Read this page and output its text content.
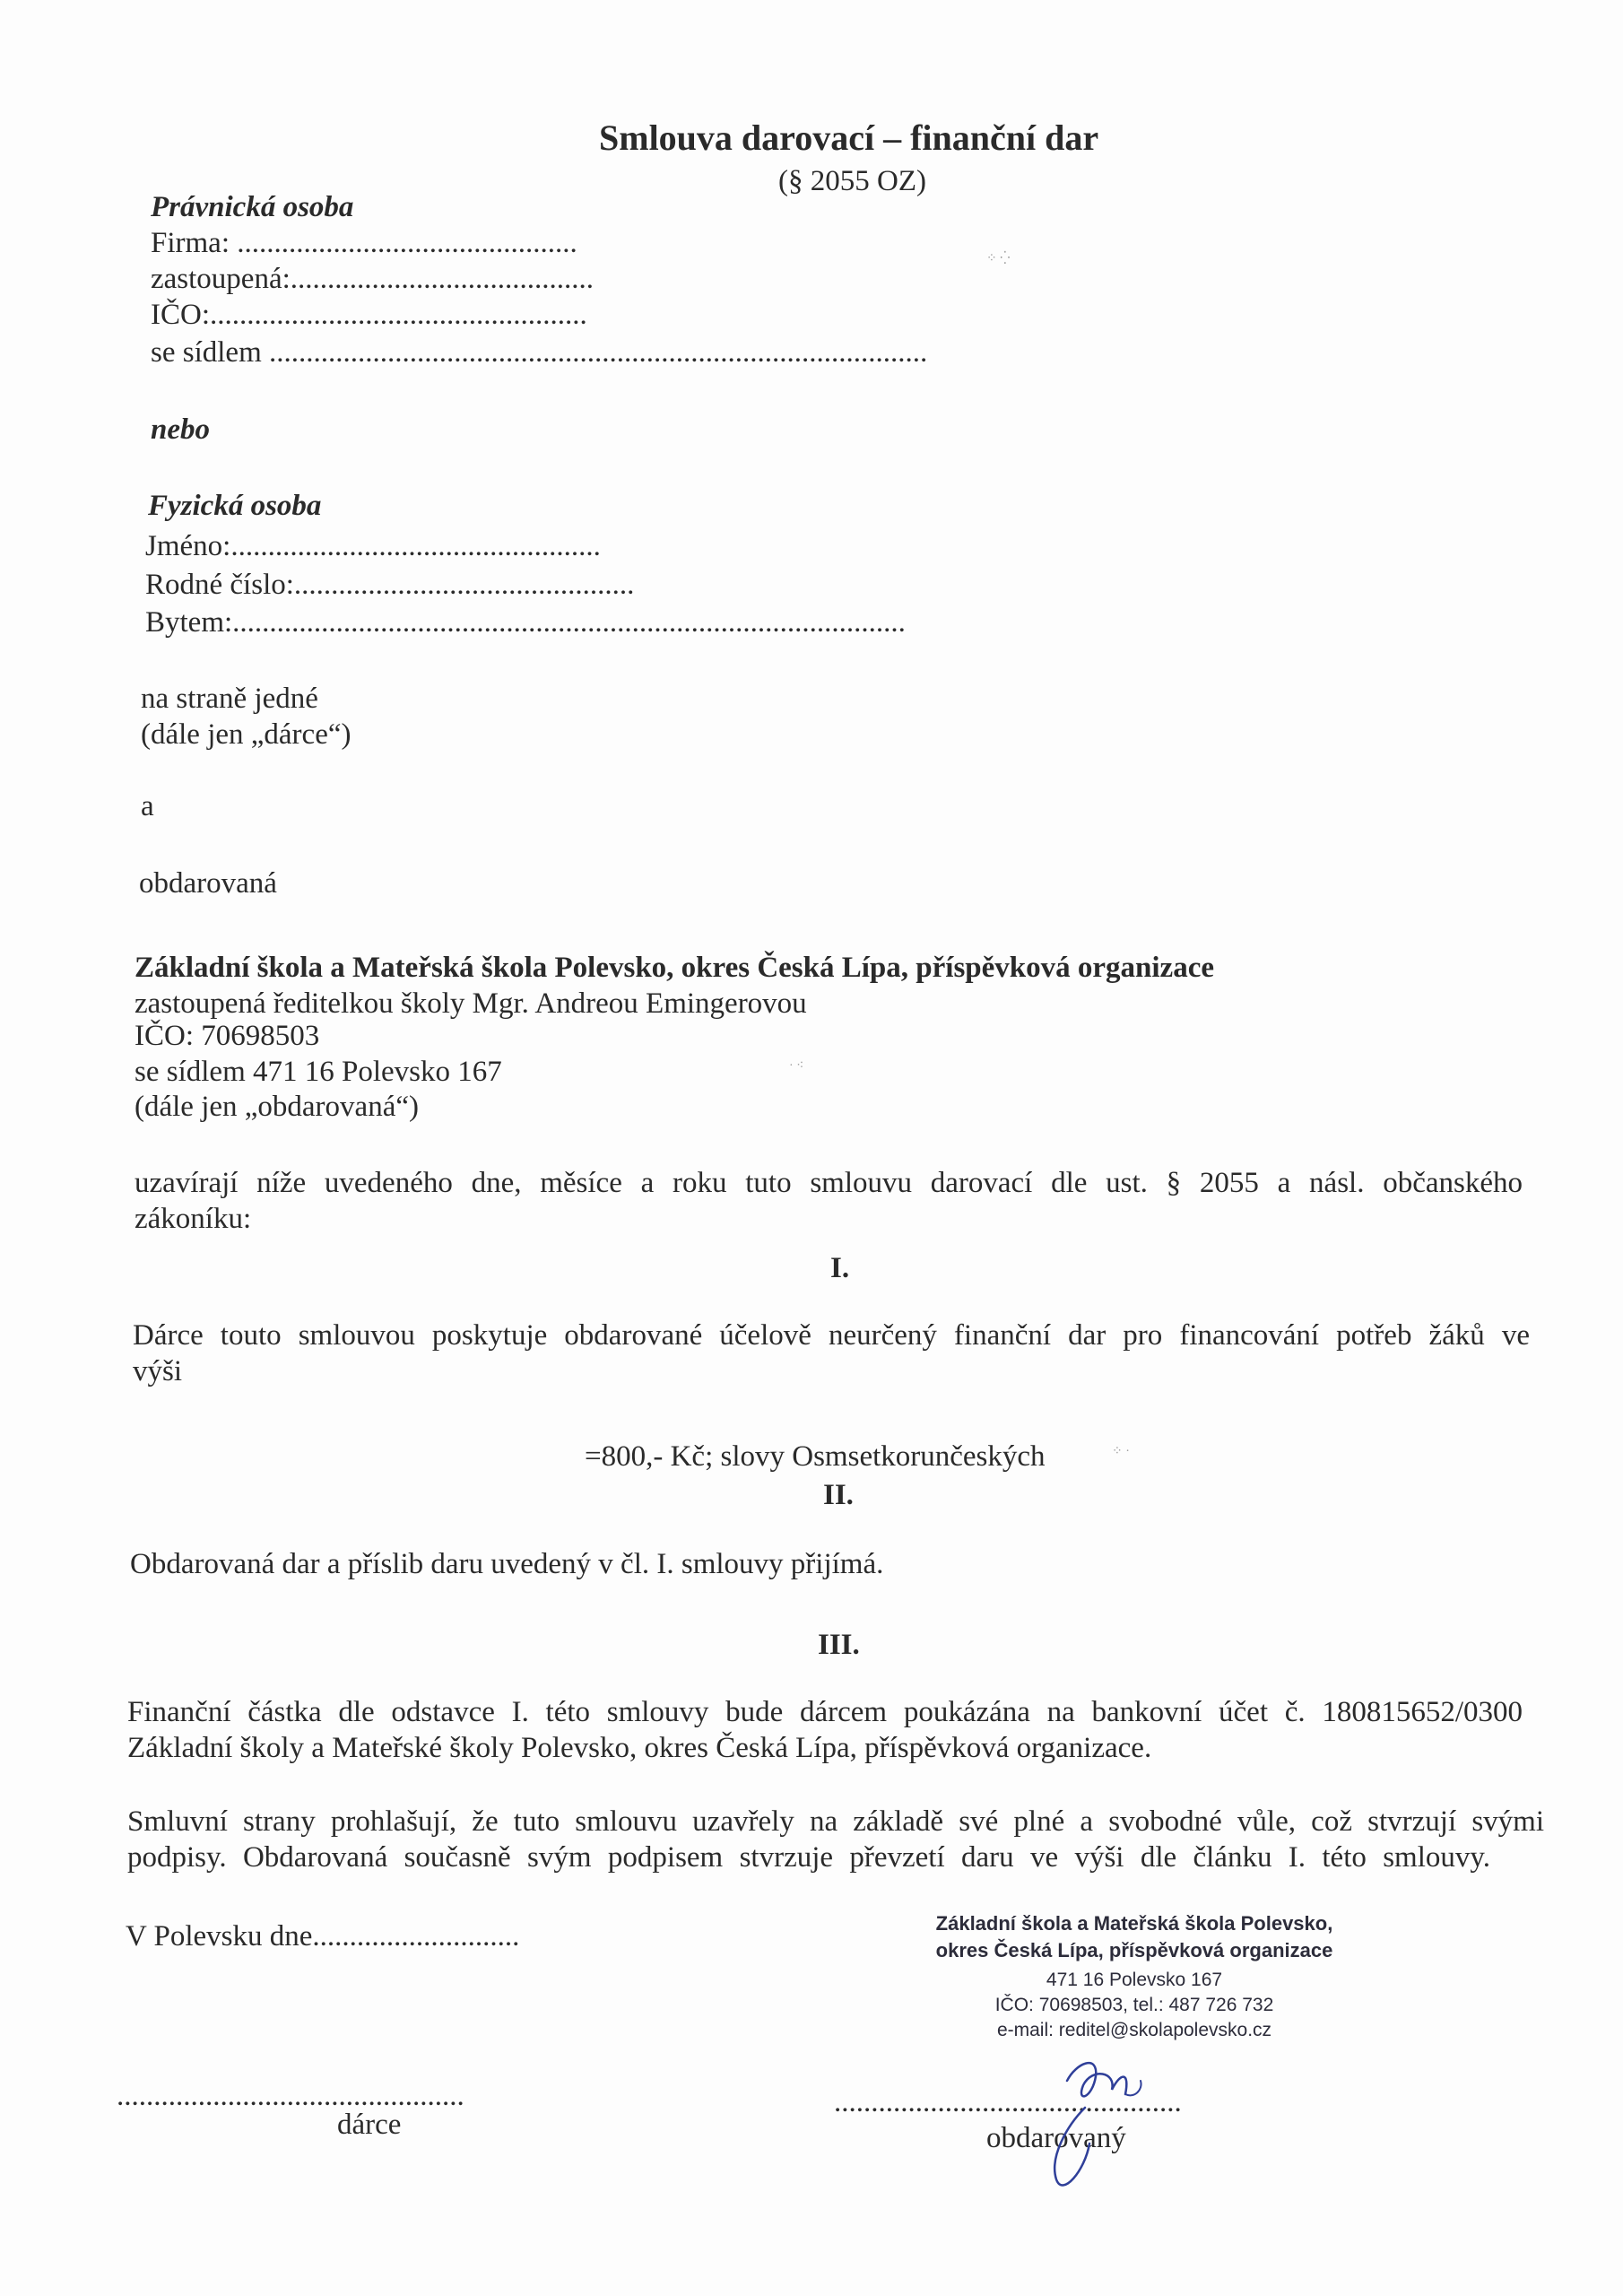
Smlouva darovací – finanční dar
(§ 2055 OZ)
Právnická osoba
Firma: ..............................................
zastoupená:.........................................
IČO:...................................................
se sídlem .........................................................................................
nebo
Fyzická osoba
Jméno:..................................................
Rodné číslo:..............................................
Bytem:...........................................................................................
na straně jedné
(dále jen „dárce“)
a
obdarovaná
Základní škola a Mateřská škola Polevsko, okres Česká Lípa, příspěvková organizace
zastoupená ředitelkou školy Mgr. Andreou Emingerovou
IČO: 70698503
se sídlem 471 16 Polevsko 167
(dále jen „obdarovaná“)
uzavírají níže uvedeného dne, měsíce a roku tuto smlouvu darovací dle ust. § 2055 a násl. občanského
zákoníku:
I.
Dárce touto smlouvou poskytuje obdarované účelově neurčený finanční dar pro financování potřeb žáků ve
výši
=800,- Kč; slovy Osmsetkorunčeských
II.
Obdarovaná dar a příslib daru uvedený v čl. I. smlouvy přijímá.
III.
Finanční částka dle odstavce I. této smlouvy bude dárcem poukázána na bankovní účet č. 180815652/0300
Základní školy a Mateřské školy Polevsko, okres Česká Lípa, příspěvková organizace.
Smluvní strany prohlašují, že tuto smlouvu uzavřely na základě své plné a svobodné vůle, což stvrzují svými
podpisy. Obdarovaná současně svým podpisem stvrzuje převzetí daru ve výši dle článku I. této smlouvy.
V Polevsku dne............................	Základní škola a Mateřská škola Polevsko,
okres Česká Lípa, příspěvková organizace
471 16 Polevsko 167
IČO: 70698503, tel.: 487 726 732
e-mail: reditel@skolapolevsko.cz
...............................................
dárce
...............................................
obdarovaný
⁘ ⁛
· ⁖
⁘ ·
